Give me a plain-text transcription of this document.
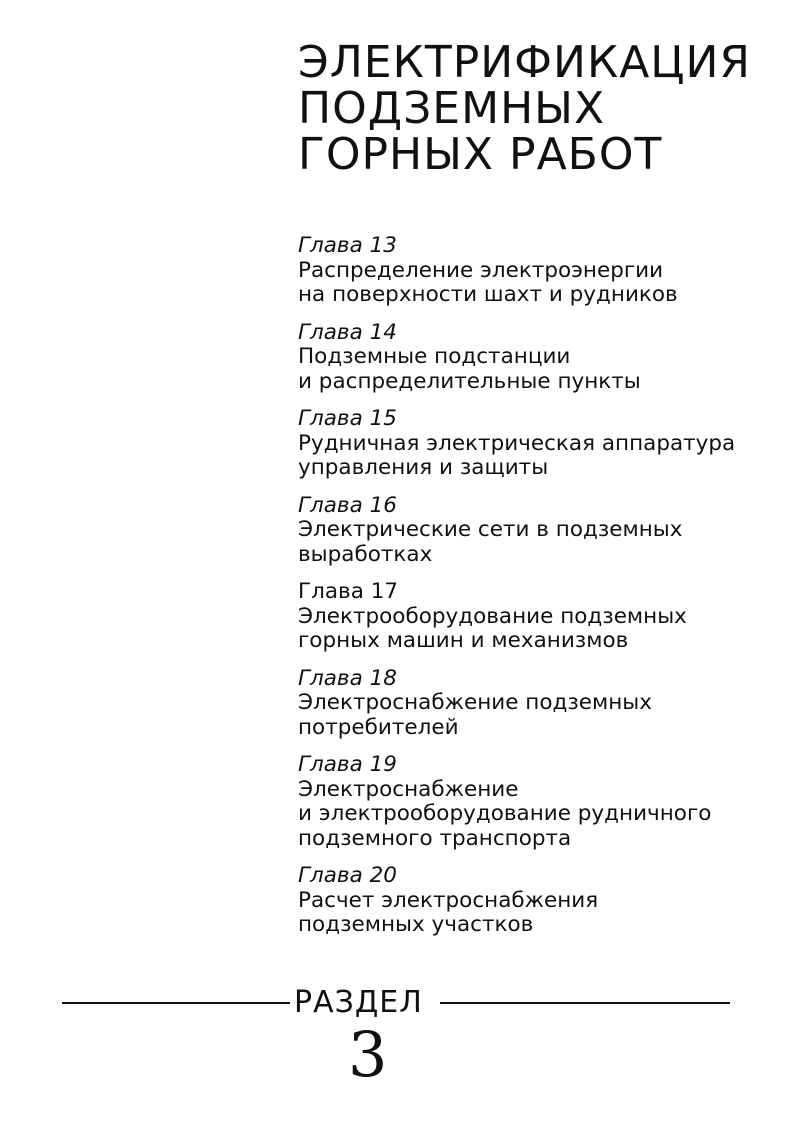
ЭЛЕКТРИФИКАЦИЯ
ПОДЗЕМНЫХ
ГОРНЫХ РАБОТ
Глава 13
Распределение электроэнергии
на поверхности шахт и рудников
Глава 14
Подземные подстанции
и распределительные пункты
Глава 15
Рудничная электрическая аппаратура
управления и защиты
Глава 16
Электрические сети в подземных
выработках
Глава 17
Электрооборудование подземных
горных машин и механизмов
Глава 18
Электроснабжение подземных
потребителей
Глава 19
Электроснабжение
и электрооборудование рудничного
подземного транспорта
Глава 20
Расчет электроснабжения
подземных участков
РАЗДЕЛ
3
